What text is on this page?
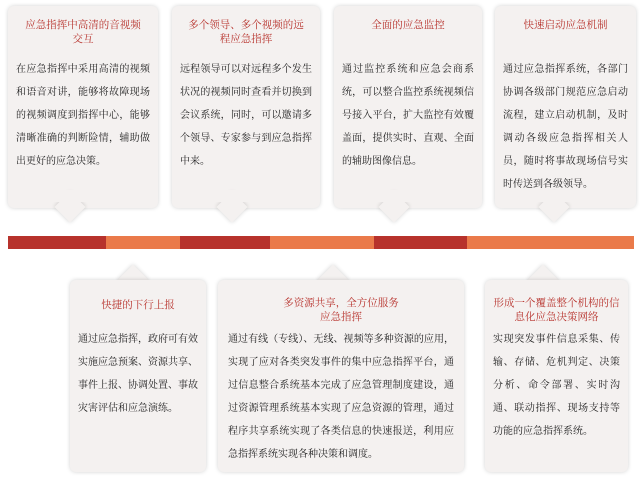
应急指挥中高清的音视频交互
在应急指挥中采用高清的视频和语音对讲，能够将故障现场的视频调度到指挥中心，能够清晰准确的判断险情，辅助做出更好的应急决策。
多个领导、多个视频的远程应急指挥
远程领导可以对远程多个发生状况的视频同时查看并切换到会议系统，同时，可以邀请多个领导、专家参与到应急指挥中来。
全面的应急监控
通过监控系统和应急会商系统，可以整合监控系统视频信号接入平台，扩大监控有效覆盖面，提供实时、直观、全面的辅助图像信息。
快速启动应急机制
通过应急指挥系统，各部门协调各级部门规范应急启动流程，建立启动机制，及时调动各级应急指挥相关人员，随时将事故现场信号实时传送到各级领导。
快捷的下行上报
通过应急指挥，政府可有效实施应急预案、资源共享、事件上报、协调处置、事故灾害评估和应急演练。
多资源共享，全方位服务应急指挥
通过有线（专线）、无线、视频等多种资源的应用，实现了应对各类突发事件的集中应急指挥平台，通过信息整合系统基本完成了应急管理制度建设，通过资源管理系统基本实现了应急资源的管理，通过程序共享系统实现了各类信息的快速报送，利用应急指挥系统实现各种决策和调度。
形成一个覆盖整个机构的信息化应急决策网络
实现突发事件信息采集、传输、存储、危机判定、决策分析、命令部署、实时沟通、联动指挥、现场支持等功能的应急指挥系统。
